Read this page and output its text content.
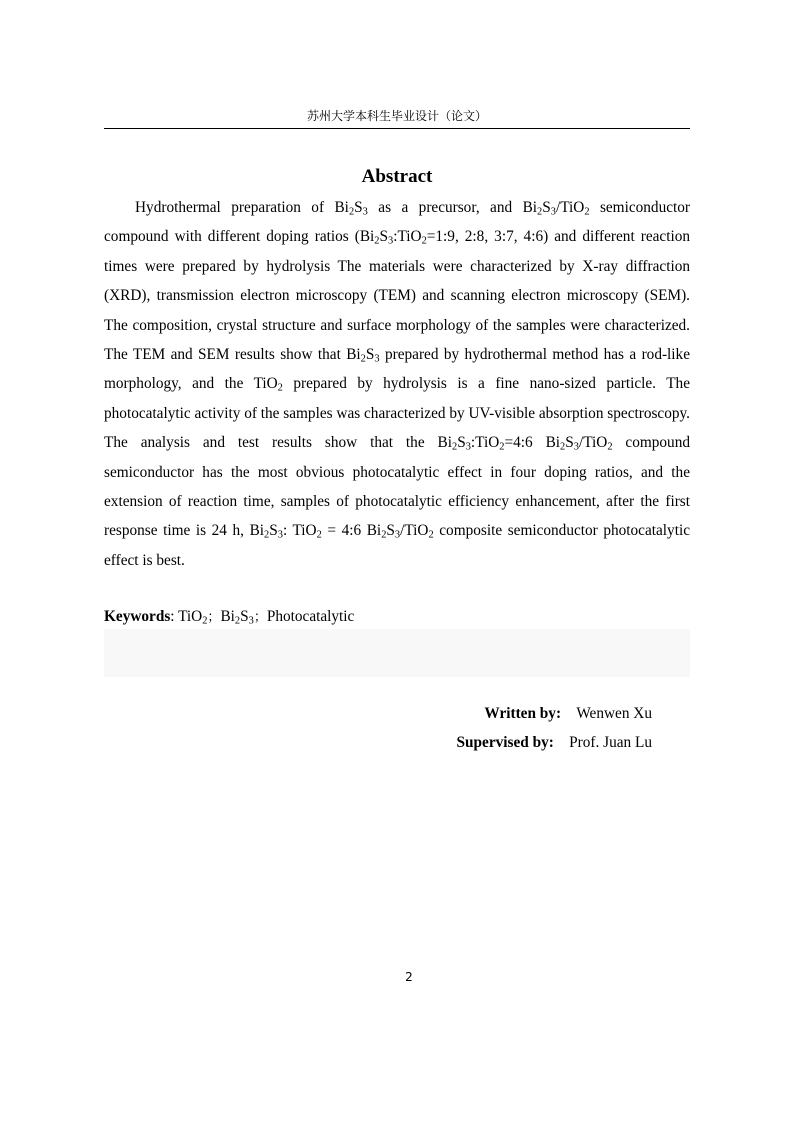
苏州大学本科生毕业设计（论文）
Abstract

Hydrothermal preparation of $Bi_2S_3$ as a precursor, and $Bi_2S_3/TiO_2$ semiconductor compound with different doping ratios ($Bi_2S_3:TiO_2=1:9$, 2:8, 3:7, 4:6) and different reaction times were prepared by hydrolysis The materials were characterized by X-ray diffraction (XRD), transmission electron microscopy (TEM) and scanning electron microscopy (SEM). The composition, crystal structure and surface morphology of the samples were characterized. The TEM and SEM results show that $Bi_2S_3$ prepared by hydrothermal method has a rod-like morphology, and the TiO$_2$ prepared by hydrolysis is a fine nano-sized particle. The photocatalytic activity of the samples was characterized by UV-visible absorption spectroscopy. The analysis and test results show that the $Bi_2S_3:TiO_2=4:6$ $Bi_2S_3/TiO_2$ compound semiconductor has the most obvious photocatalytic effect in four doping ratios, and the extension of reaction time, samples of photocatalytic efficiency enhancement, after the first response time is 24 h, $Bi_2S_3$: TiO$_2$ = 4:6 $Bi_2S_3/TiO_2$ composite semiconductor photocatalytic effect is best.

Keywords: TiO$_2$；$Bi_2S_3$；Photocatalytic
Written by: Wenwen Xu
Supervised by: Prof. Juan Lu
2
